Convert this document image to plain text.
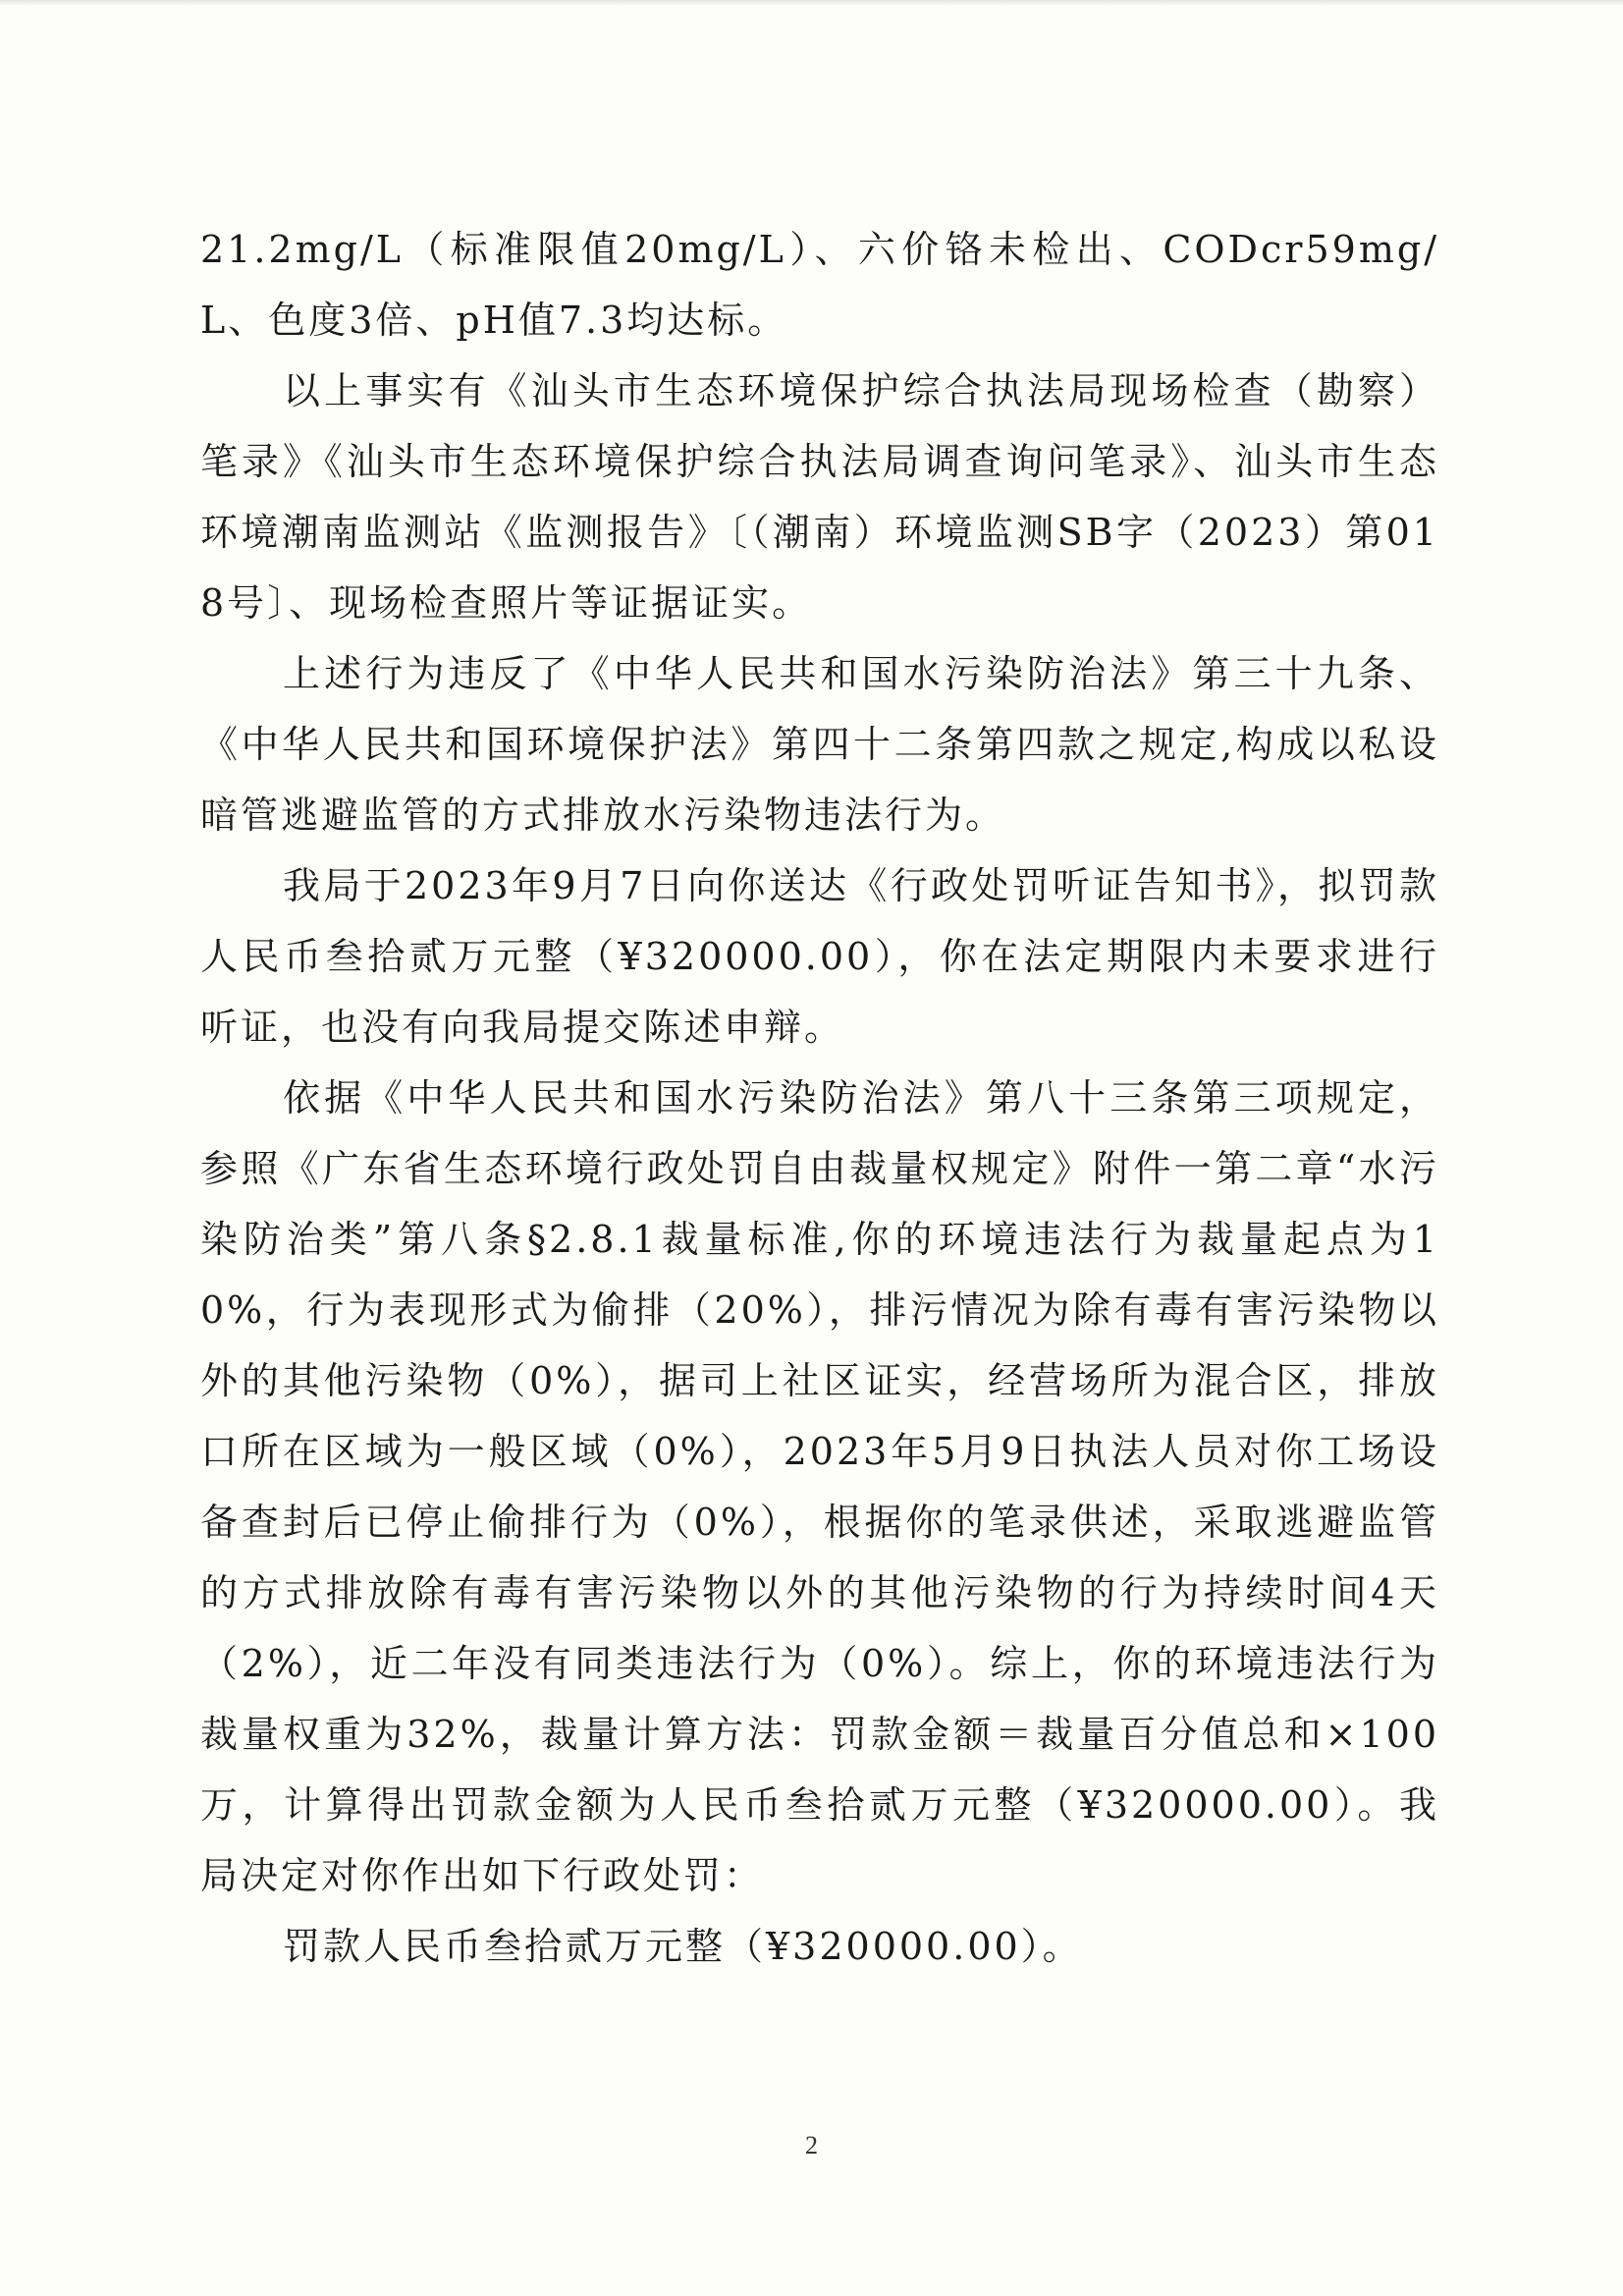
21.2mg/L（标准限值20mg/L）、六价铬未检出、CODcr59mg/L、色度3倍、pH值7.3均达标。

以上事实有《汕头市生态环境保护综合执法局现场检查（勘察）笔录》《汕头市生态环境保护综合执法局调查询问笔录》、汕头市生态环境潮南监测站《监测报告》〔（潮南）环境监测SB字（2023）第018号〕、现场检查照片等证据证实。

上述行为违反了《中华人民共和国水污染防治法》第三十九条、《中华人民共和国环境保护法》第四十二条第四款之规定,构成以私设暗管逃避监管的方式排放水污染物违法行为。

我局于2023年9月7日向你送达《行政处罚听证告知书》，拟罚款人民币叁拾贰万元整（¥320000.00），你在法定期限内未要求进行听证，也没有向我局提交陈述申辩。

依据《中华人民共和国水污染防治法》第八十三条第三项规定，参照《广东省生态环境行政处罚自由裁量权规定》附件一第二章“水污染防治类”第八条§2.8.1裁量标准,你的环境违法行为裁量起点为10%，行为表现形式为偷排（20%），排污情况为除有毒有害污染物以外的其他污染物（0%），据司上社区证实，经营场所为混合区，排放口所在区域为一般区域（0%），2023年5月9日执法人员对你工场设备查封后已停止偷排行为（0%），根据你的笔录供述，采取逃避监管的方式排放除有毒有害污染物以外的其他污染物的行为持续时间4天（2%），近二年没有同类违法行为（0%）。综上，你的环境违法行为裁量权重为32%，裁量计算方法：罚款金额＝裁量百分值总和×100万，计算得出罚款金额为人民币叁拾贰万元整（¥320000.00）。我局决定对你作出如下行政处罚：

罚款人民币叁拾贰万元整（¥320000.00）。

2
